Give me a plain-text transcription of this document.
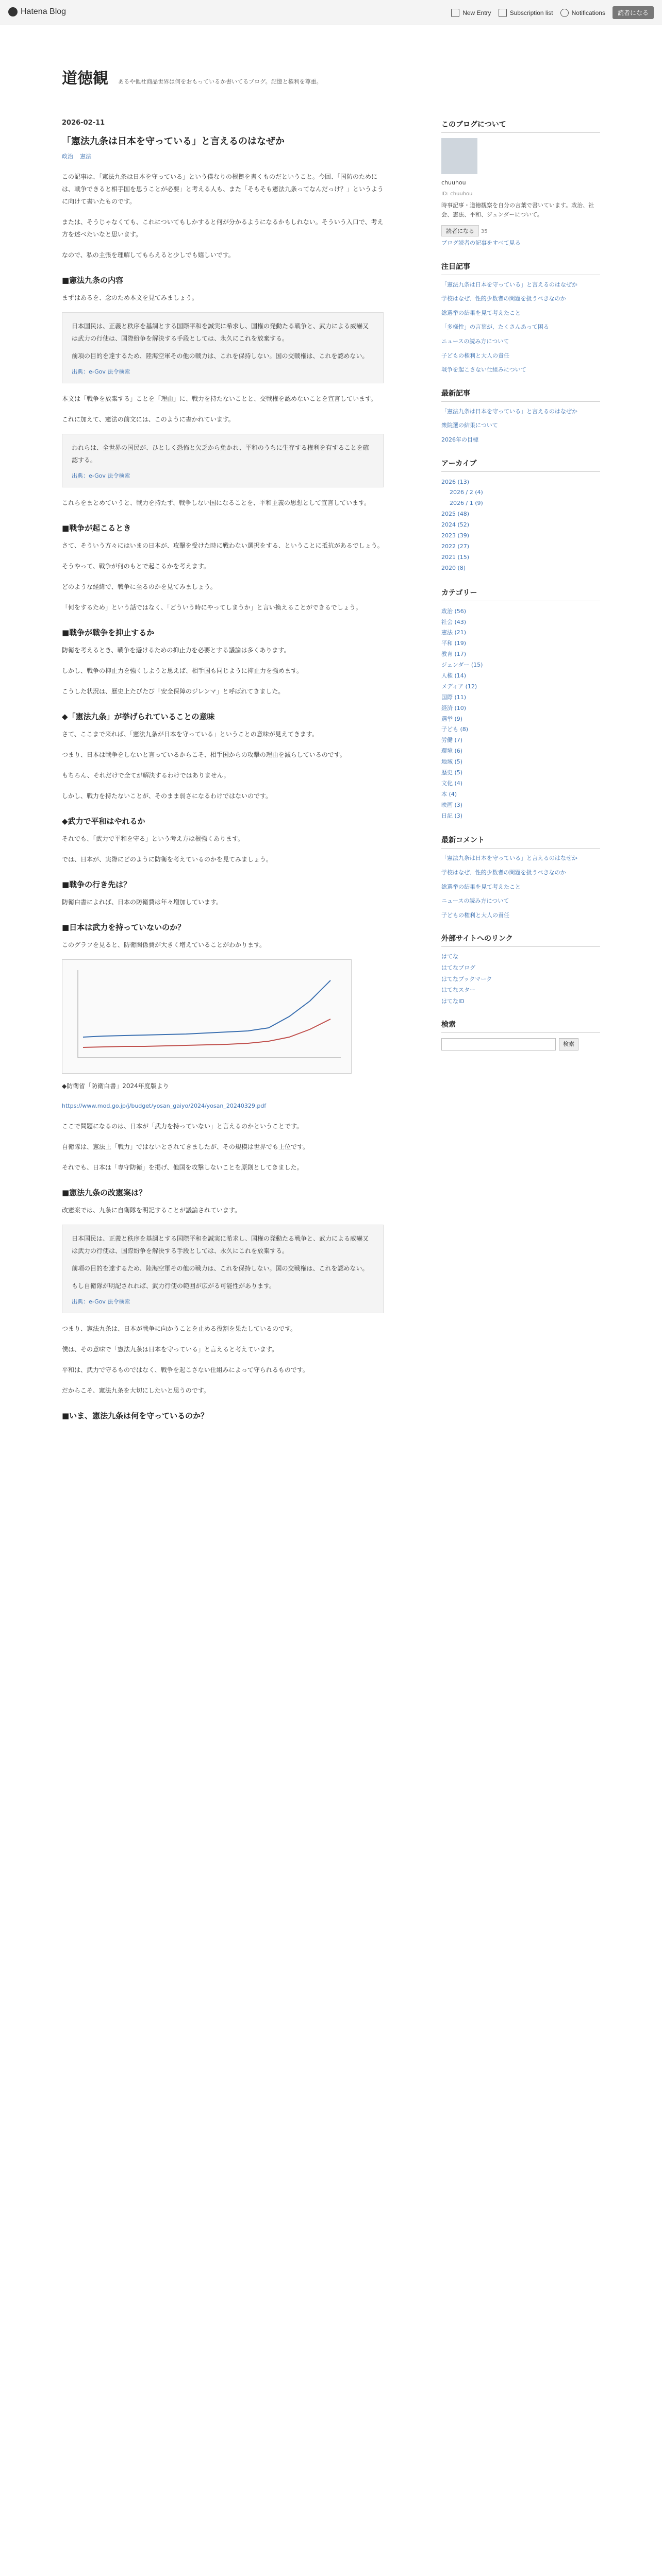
Hatena Blog	New Entry	Subscription list	Notifications	読者になる
道徳観 あるや他社商品世界は何をおもっているか書いてるブログ。記憶と権利を尊重。
2026-02-11
「憲法九条は日本を守っている」と言えるのはなぜか
政治 憲法

この記事は、「憲法九条は日本を守っている」という僕なりの根拠を書くものだということ。今回、「国防のためには、戦争できると相手国を思うことが必要」と考える人も、また「そもそも憲法九条ってなんだっけ？」というように向けて書いたものです。

または、そうじゃなくても、これについてもしかすると何が分かるようになるかもしれない。そういう入口で、考え方を述べたいなと思います。

なので、私の主張を理解してもらえると少しでも嬉しいです。

■憲法九条の内容

まずはあるを、念のため本文を見てみましょう。

日本国民は、正義と秩序を基調とする国際平和を誠実に希求し、国権の発動たる戦争と、武力による威嚇又は武力の行使は、国際紛争を解決する手段としては、永久にこれを放棄する。

前項の目的を達するため、陸海空軍その他の戦力は、これを保持しない。国の交戦権は、これを認めない。

出典：e-Gov 法令検索

本文は「戦争を放棄する」ことを「理由」に、戦力を持たないことと、交戦権を認めないことを宣言しています。

これに加えて、憲法の前文には、このように書かれています。

われらは、全世界の国民が、ひとしく恐怖と欠乏から免かれ、平和のうちに生存する権利を有することを確認する。

出典：e-Gov 法令検索

これらをまとめていうと、戦力を持たず、戦争しない国になることを、平和主義の思想として宣言しています。

■戦争が起こるとき

さて、そういう方々にはいまの日本が、攻撃を受けた時に戦わない選択をする、ということに抵抗があるでしょう。

そうやって、戦争が何のもとで起こるかを考えます。

どのような経緯で、戦争に至るのかを見てみましょう。

「何をするため」という話ではなく、「どういう時にやってしまうか」と言い換えることができるでしょう。

■戦争が戦争を抑止するか

防衛を考えるとき、戦争を避けるための抑止力を必要とする議論は多くあります。

しかし、戦争の抑止力を強くしようと思えば、相手国も同じように抑止力を強めます。

こうした状況は、歴史上たびたび「安全保障のジレンマ」と呼ばれてきました。

◆「憲法九条」が挙げられていることの意味

さて、ここまで来れば、「憲法九条が日本を守っている」ということの意味が見えてきます。

つまり、日本は戦争をしないと言っているからこそ、相手国からの攻撃の理由を減らしているのです。

もちろん、それだけで全てが解決するわけではありません。

しかし、戦力を持たないことが、そのまま弱さになるわけではないのです。

◆武力で平和はやれるか

それでも、「武力で平和を守る」という考え方は根強くあります。

では、日本が、実際にどのように防衛を考えているのかを見てみましょう。

■戦争の行き先は？

防衛白書によれば、日本の防衛費は年々増加しています。

■日本は武力を持っていないのか？

このグラフを見ると、防衛関係費が大きく増えていることがわかります。

◆防衛省「防衛白書」2024年度版より

https://www.mod.go.jp/j/budget/yosan_gaiyo/2024/yosan_20240329.pdf

ここで問題になるのは、日本が「武力を持っていない」と言えるのかということです。

自衛隊は、憲法上「戦力」ではないとされてきましたが、その規模は世界でも上位です。

それでも、日本は「専守防衛」を掲げ、他国を攻撃しないことを原則としてきました。

■憲法九条の改憲案は？

改憲案では、九条に自衛隊を明記することが議論されています。

日本国民は、正義と秩序を基調とする国際平和を誠実に希求し、国権の発動たる戦争と、武力による威嚇又は武力の行使は、国際紛争を解決する手段としては、永久にこれを放棄する。

前項の目的を達するため、陸海空軍その他の戦力は、これを保持しない。国の交戦権は、これを認めない。

もし自衛隊が明記されれば、武力行使の範囲が広がる可能性があります。

出典：e-Gov 法令検索

つまり、憲法九条は、日本が戦争に向かうことを止める役割を果たしているのです。

僕は、その意味で「憲法九条は日本を守っている」と言えると考えています。

平和は、武力で守るものではなく、戦争を起こさない仕組みによって守られるものです。

だからこそ、憲法九条を大切にしたいと思うのです。

■いま、憲法九条は何を守っているのか？
このブログについて
chuuhou
ID: chuuhou
時事記事・道徳観察を自分の言葉で書いています。政治、社会、憲法、平和、ジェンダーについて。
読者になる 35
ブログ読者の記事をすべて見る
注目記事
「憲法九条は日本を守っている」と言えるのはなぜか
学校はなぜ、性的少数者の問題を扱うべきなのか
総選挙の結果を見て考えたこと
「多様性」の言葉が、たくさんあって困る
ニュースの読み方について
子どもの権利と大人の責任
戦争を起こさない仕組みについて
最新記事
「憲法九条は日本を守っている」と言えるのはなぜか
衆院選の結果について
2026年の目標
アーカイブ
2026 (13)
2026 / 2 (4)
2026 / 1 (9)
2025 (48)
2024 (52)
2023 (39)
2022 (27)
2021 (15)
2020 (8)
カテゴリー
政治 (56)
社会 (43)
憲法 (21)
平和 (19)
教育 (17)
ジェンダー (15)
人権 (14)
メディア (12)
国際 (11)
経済 (10)
選挙 (9)
子ども (8)
労働 (7)
環境 (6)
地域 (5)
歴史 (5)
文化 (4)
本 (4)
映画 (3)
日記 (3)
最新コメント
「憲法九条は日本を守っている」と言えるのはなぜか
学校はなぜ、性的少数者の問題を扱うべきなのか
総選挙の結果を見て考えたこと
ニュースの読み方について
子どもの権利と大人の責任
外部サイトへのリンク
はてな
はてなブログ
はてなブックマーク
はてなスター
はてなID
検索
検索
